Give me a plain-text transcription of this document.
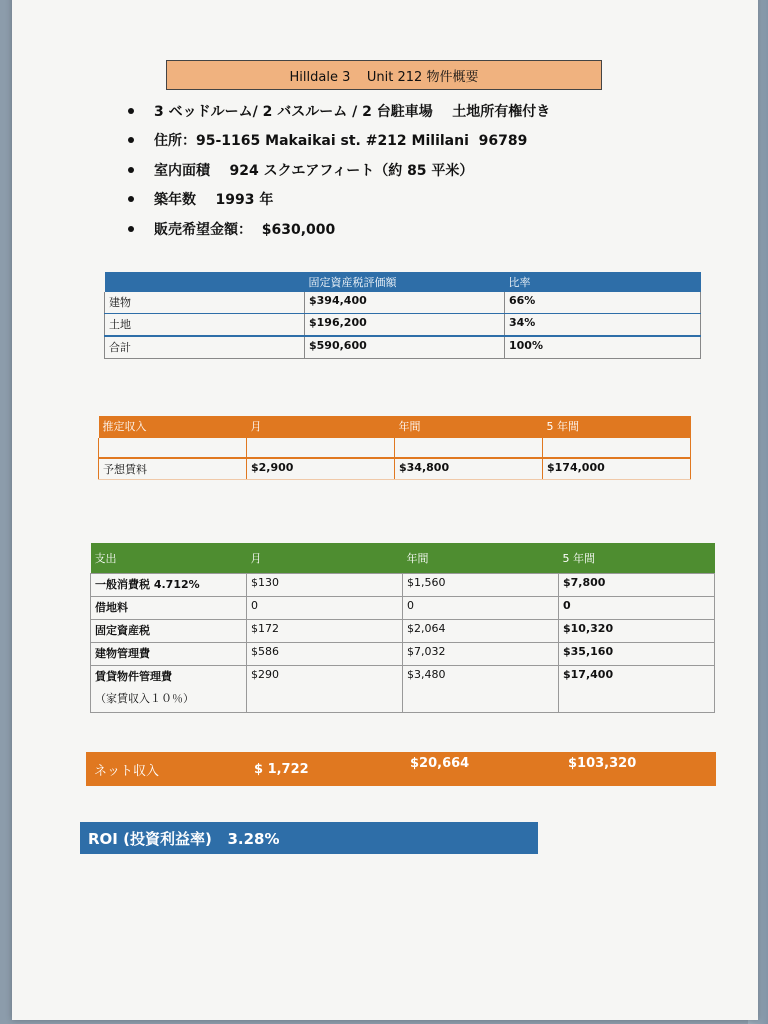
Hilldale 3    Unit 212 物件概要
3 ベッドルーム/ 2 バスルーム / 2 台駐車場    土地所有権付き
住所：95-1165 Makaikai st. #212 Mililani  96789
室内面積    924 スクエアフィート（約 85 平米）
築年数    1993 年
販売希望金額：  $630,000
	固定資産税評価額	比率
建物	$394,400	66%
土地	$196,200	34%
合計	$590,600	100%
推定収入	月	年間	5 年間

予想賃料	$2,900	$34,800	$174,000
支出	月	年間	5 年間
一般消費税 4.712%	$130	$1,560	$7,800
借地料	0	0	0
固定資産税	$172	$2,064	$10,320
建物管理費	$586	$7,032	$35,160
賃貸物件管理費
（家賃収入１０％）	$290	$3,480	$17,400
ネット収入	$ 1,722	$20,664	$103,320
ROI (投資利益率)   3.28%
